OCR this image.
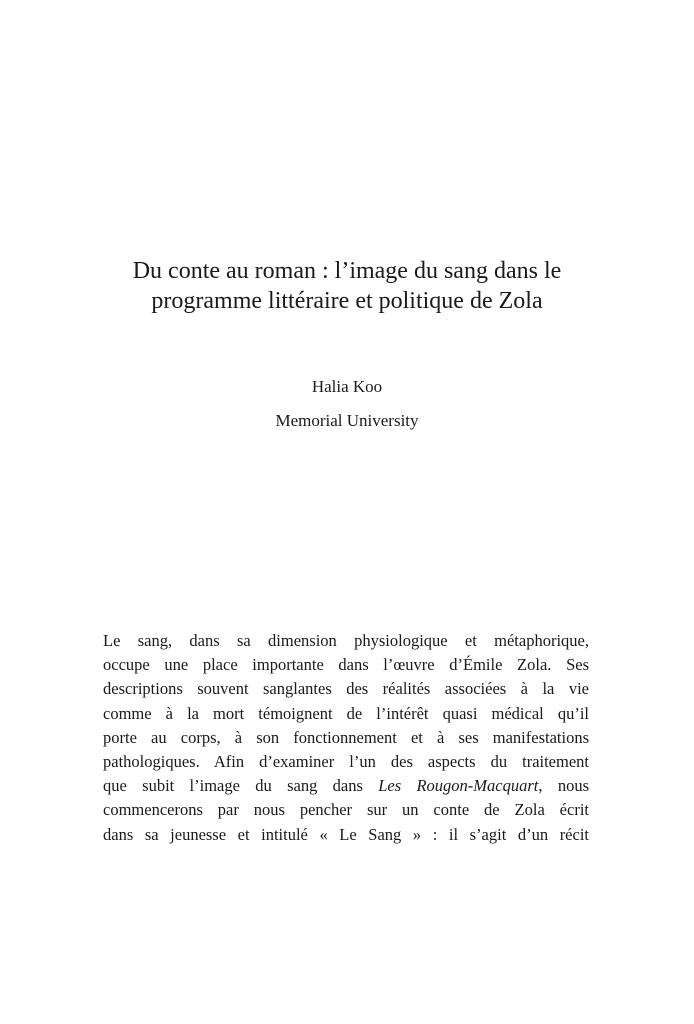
Du conte au roman : l’image du sang dans le
programme littéraire et politique de Zola
Halia Koo
Memorial University
Le sang, dans sa dimension physiologique et métaphorique,
occupe une place importante dans l’œuvre d’Émile Zola. Ses
descriptions souvent sanglantes des réalités associées à la vie
comme à la mort témoignent de l’intérêt quasi médical qu’il
porte au corps, à son fonctionnement et à ses manifestations
pathologiques. Afin d’examiner l’un des aspects du traitement
que subit l’image du sang dans Les Rougon-Macquart, nous
commencerons par nous pencher sur un conte de Zola écrit
dans sa jeunesse et intitulé « Le Sang » : il s’agit d’un récit
